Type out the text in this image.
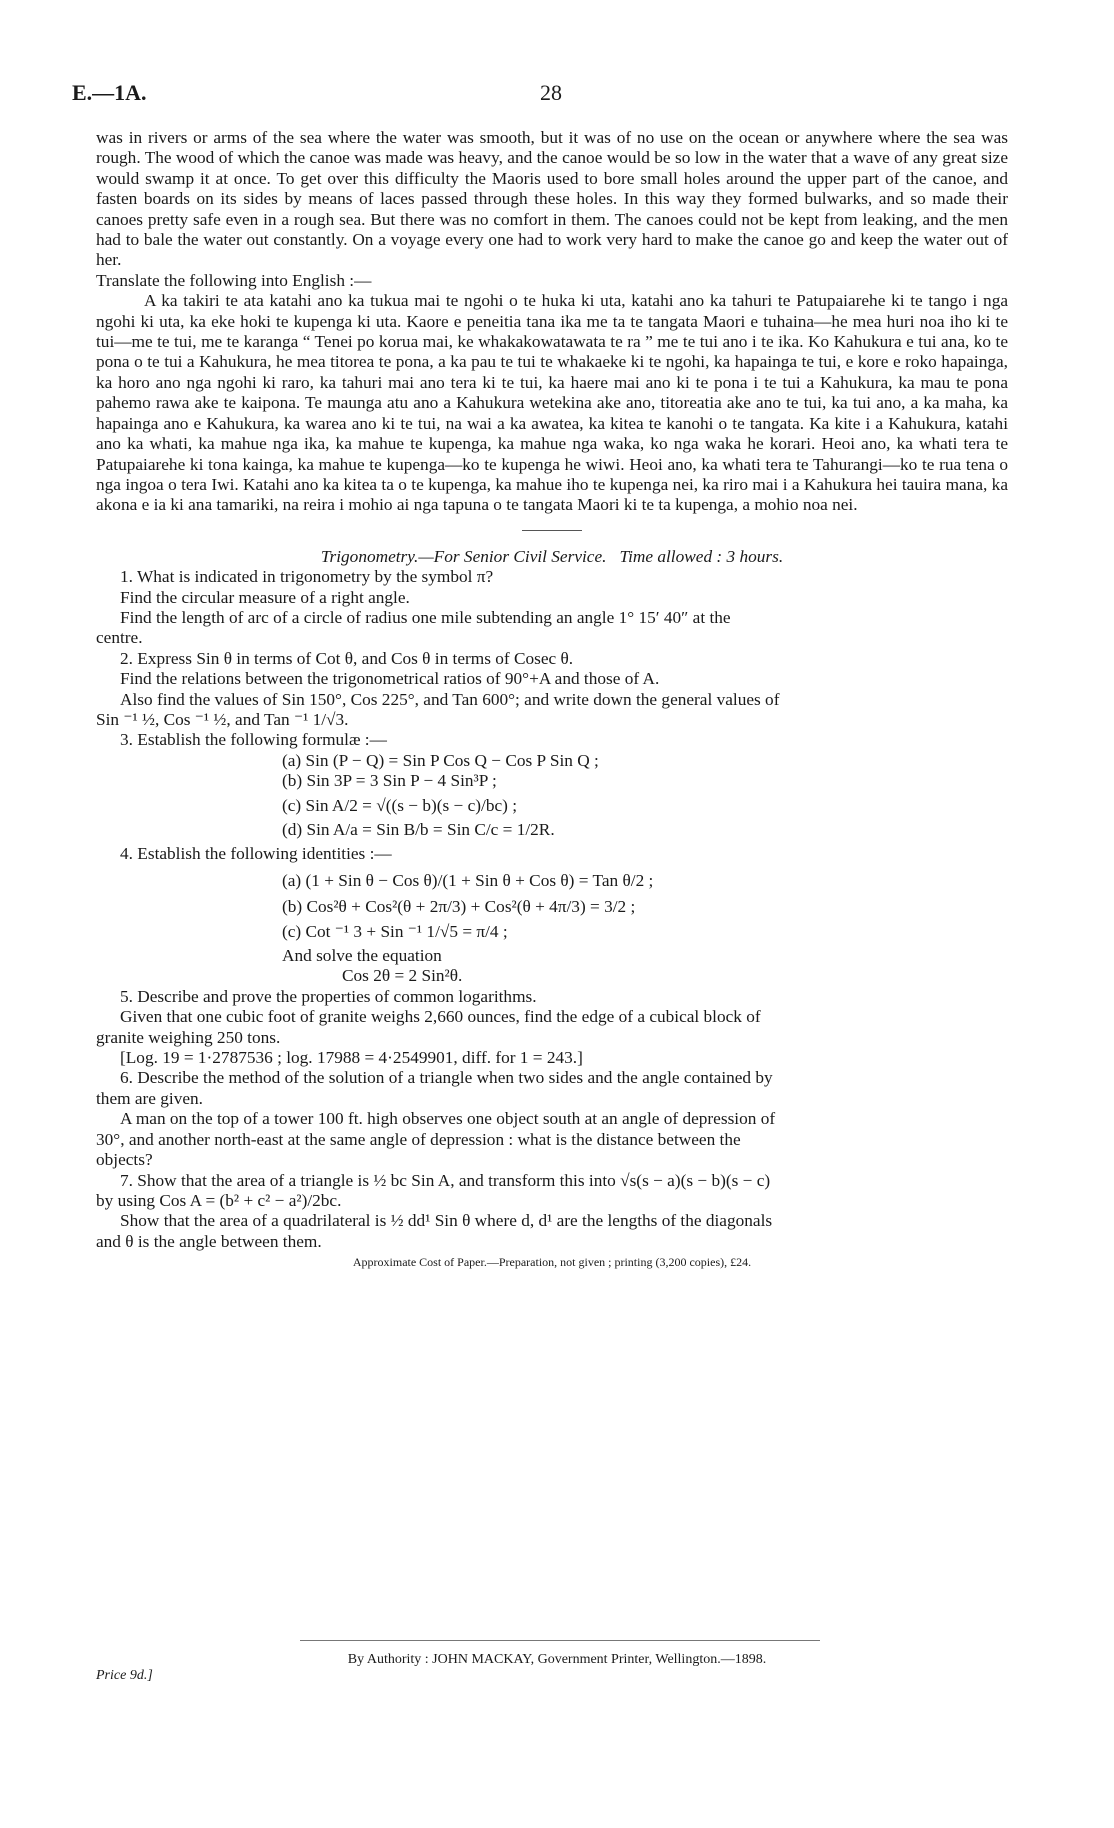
E.—1A.	28

was in rivers or arms of the sea where the water was smooth, but it was of no use on the ocean or anywhere where the sea was rough. The wood of which the canoe was made was heavy, and the canoe would be so low in the water that a wave of any great size would swamp it at once. To get over this difficulty the Maoris used to bore small holes around the upper part of the canoe, and fasten boards on its sides by means of laces passed through these holes. In this way they formed bulwarks, and so made their canoes pretty safe even in a rough sea. But there was no comfort in them. The canoes could not be kept from leaking, and the men had to bale the water out constantly. On a voyage every one had to work very hard to make the canoe go and keep the water out of her.

Translate the following into English :—

A ka takiri te ata katahi ano ka tukua mai te ngohi o te huka ki uta, katahi ano ka tahuri te Patupaiarehe ki te tango i nga ngohi ki uta, ka eke hoki te kupenga ki uta. Kaore e peneitia tana ika me ta te tangata Maori e tuhaina—he mea huri noa iho ki te tui—me te tui, me te karanga “ Tenei po korua mai, ke whakakowatawata te ra ” me te tui ano i te ika. Ko Kahukura e tui ana, ko te pona o te tui a Kahukura, he mea titorea te pona, a ka pau te tui te whakaeke ki te ngohi, ka hapainga te tui, e kore e roko hapainga, ka horo ano nga ngohi ki raro, ka tahuri mai ano tera ki te tui, ka haere mai ano ki te pona i te tui a Kahukura, ka mau te pona pahemo rawa ake te kaipona. Te maunga atu ano a Kahukura wetekina ake ano, titoreatia ake ano te tui, ka tui ano, a ka maha, ka hapainga ano e Kahukura, ka warea ano ki te tui, na wai a ka awatea, ka kitea te kanohi o te tangata. Ka kite i a Kahukura, katahi ano ka whati, ka mahue nga ika, ka mahue te kupenga, ka mahue nga waka, ko nga waka he korari. Heoi ano, ka whati tera te Patupaiarehe ki tona kainga, ka mahue te kupenga—ko te kupenga he wiwi. Heoi ano, ka whati tera te Tahurangi—ko te rua tena o nga ingoa o tera Iwi. Katahi ano ka kitea ta o te kupenga, ka mahue iho te kupenga nei, ka riro mai i a Kahukura hei tauira mana, ka akona e ia ki ana tamariki, na reira i mohio ai nga tapuna o te tangata Maori ki te ta kupenga, a mohio noa nei.

Trigonometry.—For Senior Civil Service. Time allowed : 3 hours.

1. What is indicated in trigonometry by the symbol π?

Find the circular measure of a right angle.

Find the length of arc of a circle of radius one mile subtending an angle 1° 15′ 40″ at the

centre.

2. Express Sin θ in terms of Cot θ, and Cos θ in terms of Cosec θ.

Find the relations between the trigonometrical ratios of 90°+A and those of A.

Also find the values of Sin 150°, Cos 225°, and Tan 600°; and write down the general values of

Sin ⁻¹ ½, Cos ⁻¹ ½, and Tan ⁻¹ 1/√3.

3. Establish the following formulæ :—

(a) Sin (P − Q) = Sin P Cos Q − Cos P Sin Q ;
(b) Sin 3P = 3 Sin P − 4 Sin³P ;
(c) Sin A/2 = √((s − b)(s − c)/bc) ;
(d) Sin A/a = Sin B/b = Sin C/c = 1/2R.

4. Establish the following identities :—

(a) (1 + Sin θ − Cos θ)/(1 + Sin θ + Cos θ) = Tan θ/2 ;
(b) Cos²θ + Cos²(θ + 2π/3) + Cos²(θ + 4π/3) = 3/2 ;
(c) Cot ⁻¹ 3 + Sin ⁻¹ 1/√5 = π/4 ;
And solve the equation
Cos 2θ = 2 Sin²θ.

5. Describe and prove the properties of common logarithms.

Given that one cubic foot of granite weighs 2,660 ounces, find the edge of a cubical block of

granite weighing 250 tons.

[Log. 19 = 1·2787536 ; log. 17988 = 4·2549901, diff. for 1 = 243.]

6. Describe the method of the solution of a triangle when two sides and the angle contained by

them are given.

A man on the top of a tower 100 ft. high observes one object south at an angle of depression of

30°, and another north-east at the same angle of depression : what is the distance between the

objects?

7. Show that the area of a triangle is ½ bc Sin A, and transform this into √s(s − a)(s − b)(s − c)

by using Cos A = (b² + c² − a²)/2bc.

Show that the area of a quadrilateral is ½ dd¹ Sin θ where d, d¹ are the lengths of the diagonals

and θ is the angle between them.

Approximate Cost of Paper.—Preparation, not given ; printing (3,200 copies), £24.

By Authority : JOHN MACKAY, Government Printer, Wellington.—1898.
Price 9d.]
